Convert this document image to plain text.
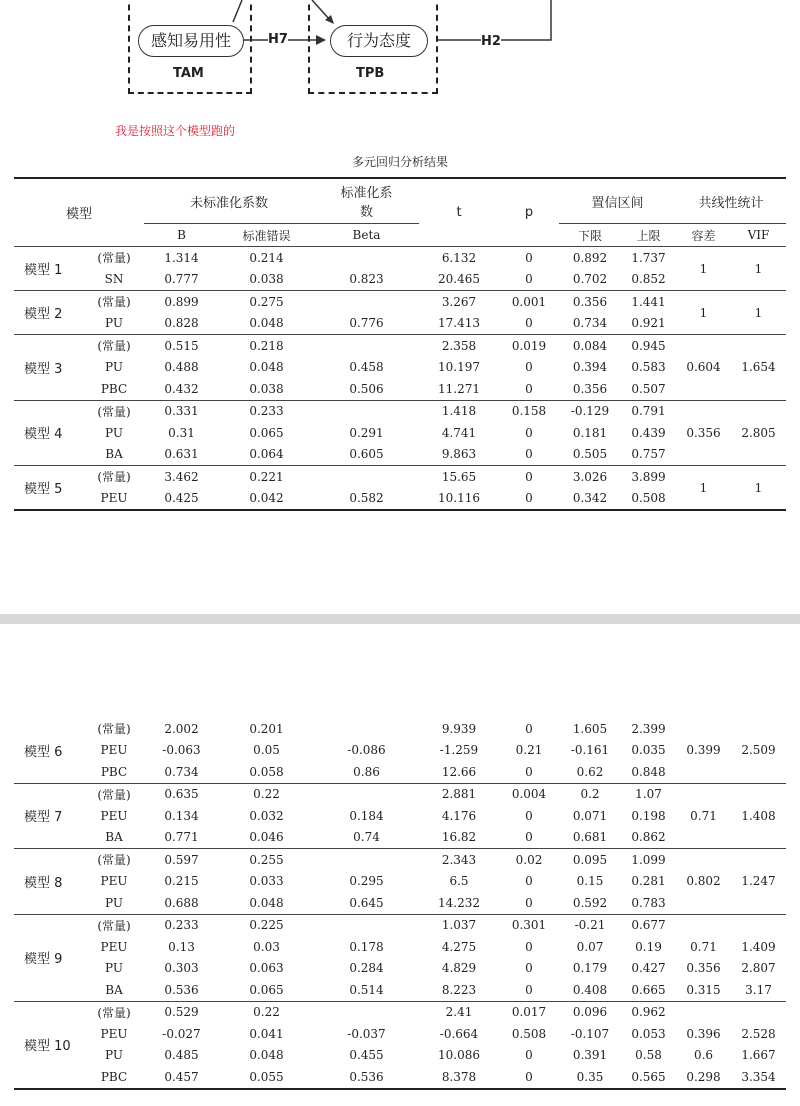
感知易用性	行为态度
H7	H2
TAM	TPB
我是按照这个模型跑的
多元回归分析结果
模型		未标准化系数		标准化系数	t	p	置信区间		共线性统计	
		B	标准错误	Beta			下限	上限	容差	VIF
模型 1	(常量)	1.314	0.214		6.132	0	0.892	1.737	1	1
	SN	0.777	0.038	0.823	20.465	0	0.702	0.852		
模型 2	(常量)	0.899	0.275		3.267	0.001	0.356	1.441	1	1
	PU	0.828	0.048	0.776	17.413	0	0.734	0.921		
模型 3	(常量)	0.515	0.218		2.358	0.019	0.084	0.945	0.604	1.654
	PU	0.488	0.048	0.458	10.197	0	0.394	0.583		
	PBC	0.432	0.038	0.506	11.271	0	0.356	0.507		
模型 4	(常量)	0.331	0.233		1.418	0.158	-0.129	0.791	0.356	2.805
	PU	0.31	0.065	0.291	4.741	0	0.181	0.439		
	BA	0.631	0.064	0.605	9.863	0	0.505	0.757		
模型 5	(常量)	3.462	0.221		15.65	0	3.026	3.899	1	1
	PEU	0.425	0.042	0.582	10.116	0	0.342	0.508		
模型 6	(常量)	2.002	0.201		9.939	0	1.605	2.399	0.399	2.509
	PEU	-0.063	0.05	-0.086	-1.259	0.21	-0.161	0.035		
	PBC	0.734	0.058	0.86	12.66	0	0.62	0.848		
模型 7	(常量)	0.635	0.22		2.881	0.004	0.2	1.07	0.71	1.408
	PEU	0.134	0.032	0.184	4.176	0	0.071	0.198		
	BA	0.771	0.046	0.74	16.82	0	0.681	0.862		
模型 8	(常量)	0.597	0.255		2.343	0.02	0.095	1.099	0.802	1.247
	PEU	0.215	0.033	0.295	6.5	0	0.15	0.281		
	PU	0.688	0.048	0.645	14.232	0	0.592	0.783		
模型 9	(常量)	0.233	0.225		1.037	0.301	-0.21	0.677		
	PEU	0.13	0.03	0.178	4.275	0	0.07	0.19	0.71	1.409
	PU	0.303	0.063	0.284	4.829	0	0.179	0.427	0.356	2.807
	BA	0.536	0.065	0.514	8.223	0	0.408	0.665	0.315	3.17
模型 10	(常量)	0.529	0.22		2.41	0.017	0.096	0.962		
	PEU	-0.027	0.041	-0.037	-0.664	0.508	-0.107	0.053	0.396	2.528
	PU	0.485	0.048	0.455	10.086	0	0.391	0.58	0.6	1.667
	PBC	0.457	0.055	0.536	8.378	0	0.35	0.565	0.298	3.354
